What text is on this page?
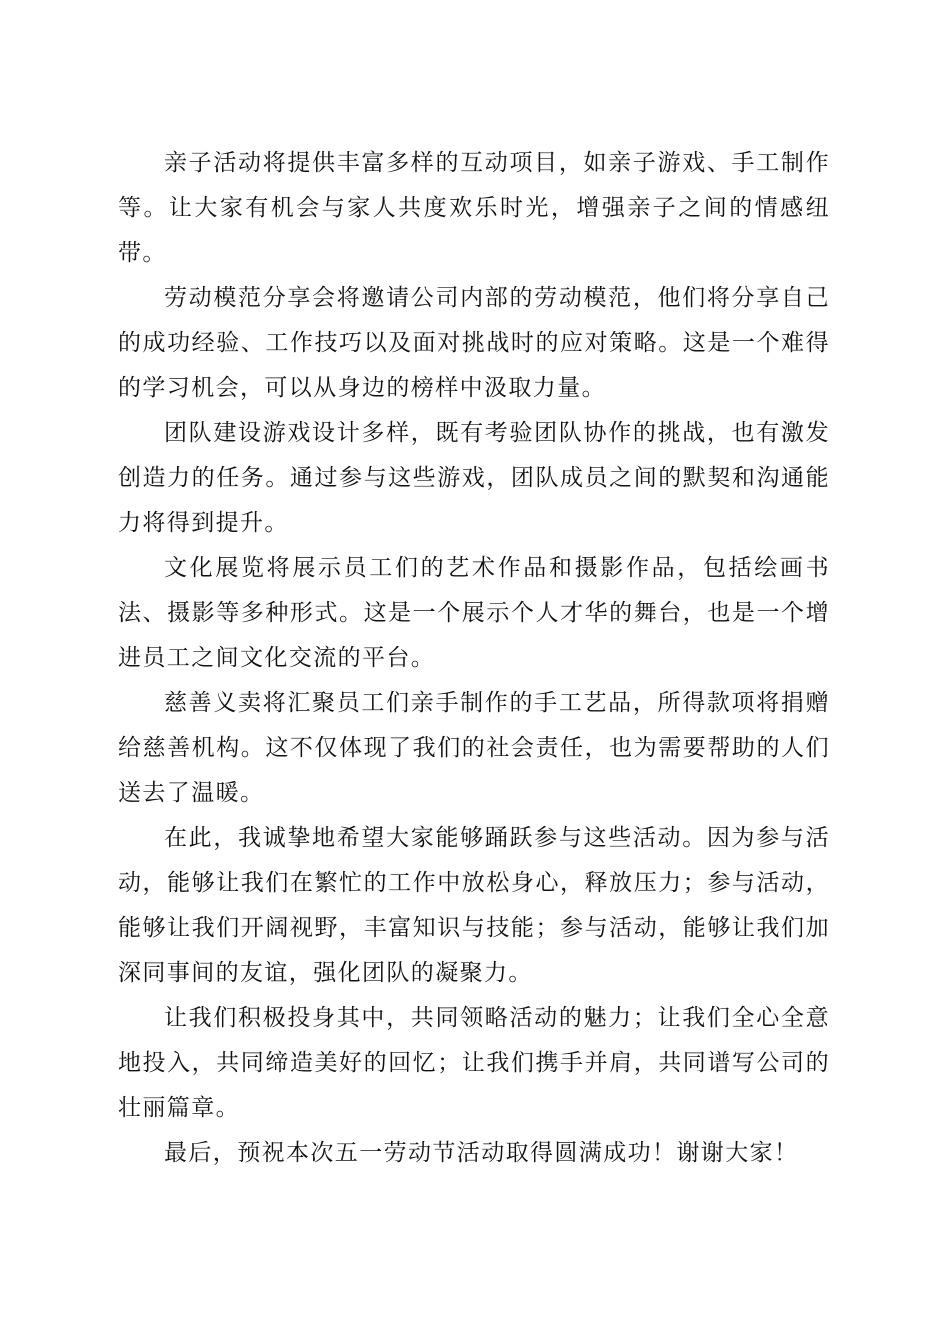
亲子活动将提供丰富多样的互动项目，如亲子游戏、手工制作等。让大家有机会与家人共度欢乐时光，增强亲子之间的情感纽带。

劳动模范分享会将邀请公司内部的劳动模范，他们将分享自己的成功经验、工作技巧以及面对挑战时的应对策略。这是一个难得的学习机会，可以从身边的榜样中汲取力量。

团队建设游戏设计多样，既有考验团队协作的挑战，也有激发创造力的任务。通过参与这些游戏，团队成员之间的默契和沟通能力将得到提升。

文化展览将展示员工们的艺术作品和摄影作品，包括绘画书法、摄影等多种形式。这是一个展示个人才华的舞台，也是一个增进员工之间文化交流的平台。

慈善义卖将汇聚员工们亲手制作的手工艺品，所得款项将捐赠给慈善机构。这不仅体现了我们的社会责任，也为需要帮助的人们送去了温暖。

在此，我诚挚地希望大家能够踊跃参与这些活动。因为参与活动，能够让我们在繁忙的工作中放松身心，释放压力；参与活动，能够让我们开阔视野，丰富知识与技能；参与活动，能够让我们加深同事间的友谊，强化团队的凝聚力。

让我们积极投身其中，共同领略活动的魅力；让我们全心全意地投入，共同缔造美好的回忆；让我们携手并肩，共同谱写公司的壮丽篇章。

最后，预祝本次五一劳动节活动取得圆满成功！谢谢大家！
